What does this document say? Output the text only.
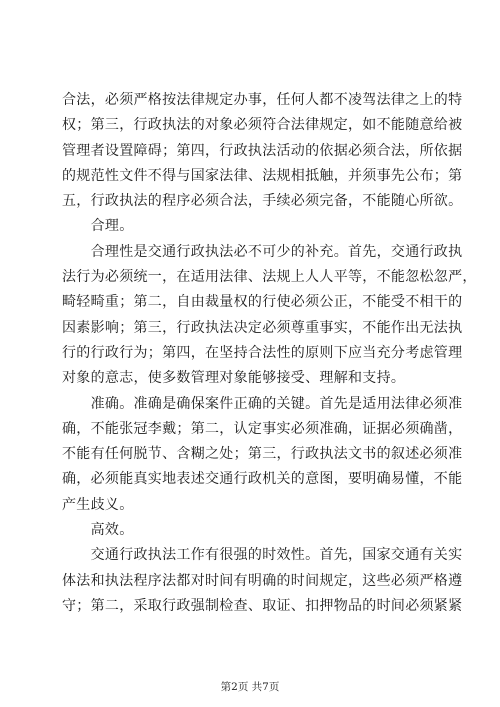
合法，必须严格按法律规定办事，任何人都不凌驾法律之上的特
权；第三，行政执法的对象必须符合法律规定，如不能随意给被
管理者设置障碍；第四，行政执法活动的依据必须合法，所依据
的规范性文件不得与国家法律、法规相抵触，并须事先公布；第
五，行政执法的程序必须合法，手续必须完备，不能随心所欲。
　　合理。
　　合理性是交通行政执法必不可少的补充。首先，交通行政执
法行为必须统一，在适用法律、法规上人人平等，不能忽松忽严，
畸轻畸重；第二，自由裁量权的行使必须公正，不能受不相干的
因素影响；第三，行政执法决定必须尊重事实，不能作出无法执
行的行政行为；第四，在坚持合法性的原则下应当充分考虑管理
对象的意志，使多数管理对象能够接受、理解和支持。
　　准确。准确是确保案件正确的关键。首先是适用法律必须准
确，不能张冠李戴；第二，认定事实必须准确，证据必须确凿，
不能有任何脱节、含糊之处；第三，行政执法文书的叙述必须准
确，必须能真实地表述交通行政机关的意图，要明确易懂，不能
产生歧义。
　　高效。
　　交通行政执法工作有很强的时效性。首先，国家交通有关实
体法和执法程序法都对时间有明确的时间规定，这些必须严格遵
守；第二，采取行政强制检查、取证、扣押物品的时间必须紧紧
第2页 共7页
